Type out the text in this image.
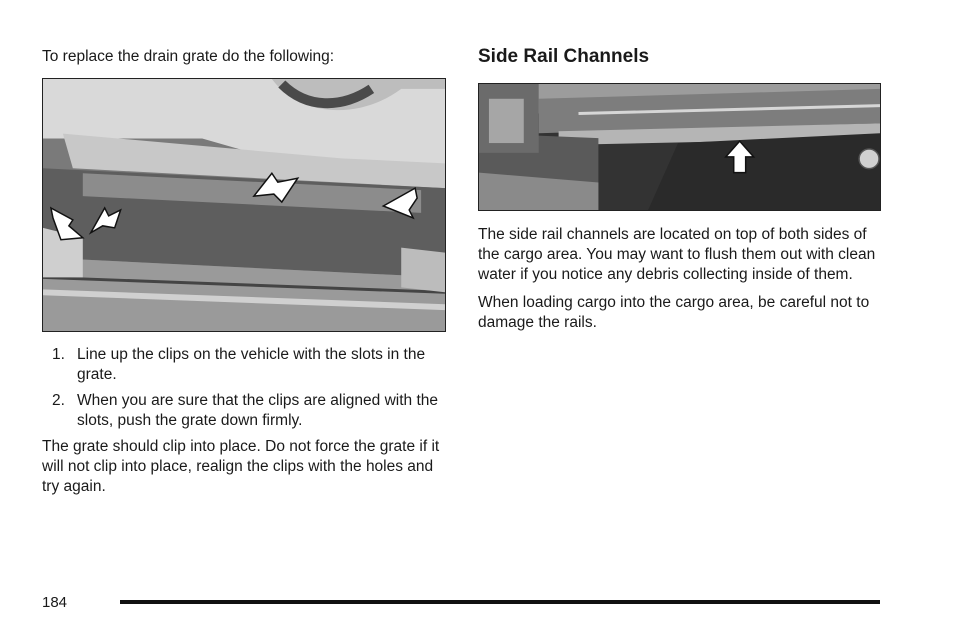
To replace the drain grate do the following:

1. Line up the clips on the vehicle with the slots in the grate.
2. When you are sure that the clips are aligned with the slots, push the grate down firmly.

The grate should clip into place. Do not force the grate if it will not clip into place, realign the clips with the holes and try again.

Side Rail Channels

The side rail channels are located on top of both sides of the cargo area. You may want to flush them out with clean water if you notice any debris collecting inside of them.

When loading cargo into the cargo area, be careful not to damage the rails.

184
